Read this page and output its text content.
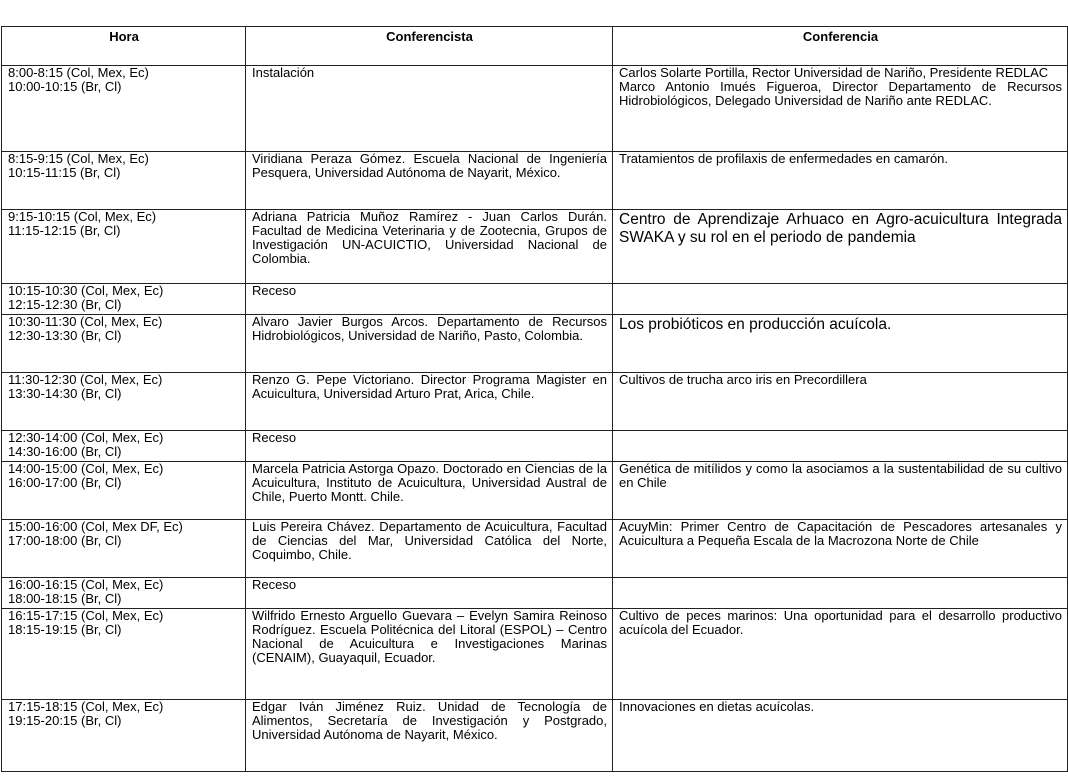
Hora	Conferencista	Conferencia

8:00-8:15 (Col, Mex, Ec)
10:00-10:15 (Br, Cl)	Instalación	Carlos Solarte Portilla, Rector Universidad de Nariño, Presidente REDLAC
Marco Antonio Imués Figueroa, Director Departamento de Recursos Hidrobiológicos, Delegado Universidad de Nariño ante REDLAC.

8:15-9:15 (Col, Mex, Ec)
10:15-11:15 (Br, Cl)	Viridiana Peraza Gómez. Escuela Nacional de Ingeniería Pesquera, Universidad Autónoma de Nayarit, México.	Tratamientos de profilaxis de enfermedades en camarón.

9:15-10:15 (Col, Mex, Ec)
11:15-12:15 (Br, Cl)	Adriana Patricia Muñoz Ramírez - Juan Carlos Durán. Facultad de Medicina Veterinaria y de Zootecnia, Grupos de Investigación UN-ACUICTIO, Universidad Nacional de Colombia.	Centro de Aprendizaje Arhuaco en Agro-acuicultura Integrada SWAKA y su rol en el periodo de pandemia

10:15-10:30 (Col, Mex, Ec)
12:15-12:30 (Br, Cl)	Receso	

10:30-11:30 (Col, Mex, Ec)
12:30-13:30 (Br, Cl)	Alvaro Javier Burgos Arcos. Departamento de Recursos Hidrobiológicos, Universidad de Nariño, Pasto, Colombia.	Los probióticos en producción acuícola.

11:30-12:30 (Col, Mex, Ec)
13:30-14:30 (Br, Cl)	Renzo G. Pepe Victoriano. Director Programa Magister en Acuicultura, Universidad Arturo Prat, Arica, Chile.	Cultivos de trucha arco iris en Precordillera

12:30-14:00 (Col, Mex, Ec)
14:30-16:00 (Br, Cl)	Receso	

14:00-15:00 (Col, Mex, Ec)
16:00-17:00 (Br, Cl)	Marcela Patricia Astorga Opazo. Doctorado en Ciencias de la Acuicultura, Instituto de Acuicultura, Universidad Austral de Chile, Puerto Montt. Chile.	Genética de mitílidos y como la asociamos a la sustentabilidad de su cultivo en Chile

15:00-16:00 (Col, Mex DF, Ec)
17:00-18:00 (Br, Cl)	Luis Pereira Chávez. Departamento de Acuicultura, Facultad de Ciencias del Mar, Universidad Católica del Norte, Coquimbo, Chile.	AcuyMin: Primer Centro de Capacitación de Pescadores artesanales y Acuicultura a Pequeña Escala de la Macrozona Norte de Chile

16:00-16:15 (Col, Mex, Ec)
18:00-18:15 (Br, Cl)	Receso	

16:15-17:15 (Col, Mex, Ec)
18:15-19:15 (Br, Cl)	Wilfrido Ernesto Arguello Guevara – Evelyn Samira Reinoso Rodríguez. Escuela Politécnica del Litoral (ESPOL) – Centro Nacional de Acuicultura e Investigaciones Marinas (CENAIM), Guayaquil, Ecuador.	Cultivo de peces marinos: Una oportunidad para el desarrollo productivo acuícola del Ecuador.

17:15-18:15 (Col, Mex, Ec)
19:15-20:15 (Br, Cl)	Edgar Iván Jiménez Ruiz. Unidad de Tecnología de Alimentos, Secretaría de Investigación y Postgrado, Universidad Autónoma de Nayarit, México.	Innovaciones en dietas acuícolas.
